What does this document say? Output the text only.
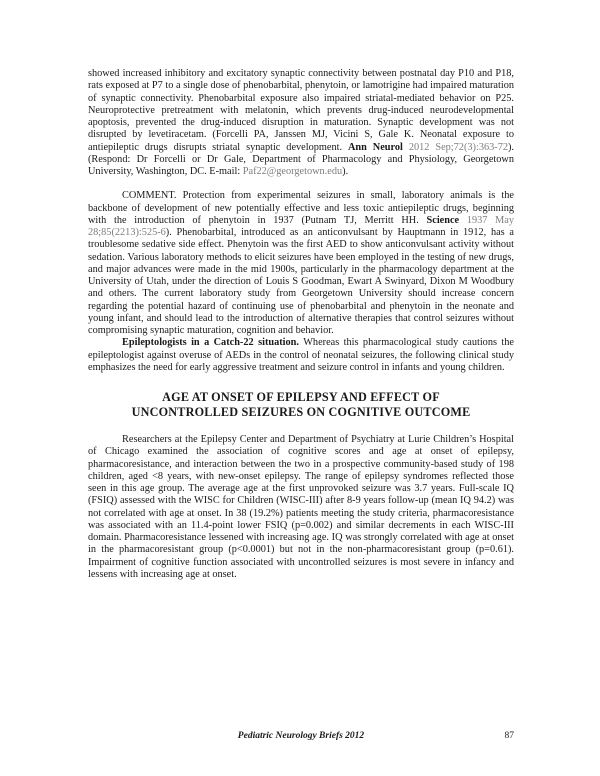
showed increased inhibitory and excitatory synaptic connectivity between postnatal day P10 and P18, rats exposed at P7 to a single dose of phenobarbital, phenytoin, or lamotrigine had impaired maturation of synaptic connectivity. Phenobarbital exposure also impaired striatal-mediated behavior on P25. Neuroprotective pretreatment with melatonin, which prevents drug-induced neurodevelopmental apoptosis, prevented the drug-induced disruption in maturation. Synaptic development was not disrupted by levetiracetam. (Forcelli PA, Janssen MJ, Vicini S, Gale K. Neonatal exposure to antiepileptic drugs disrupts striatal synaptic development. Ann Neurol 2012 Sep;72(3):363-72). (Respond: Dr Forcelli or Dr Gale, Department of Pharmacology and Physiology, Georgetown University, Washington, DC. E-mail: Paf22@georgetown.edu).

COMMENT. Protection from experimental seizures in small, laboratory animals is the backbone of development of new potentially effective and less toxic antiepileptic drugs, beginning with the introduction of phenytoin in 1937 (Putnam TJ, Merritt HH. Science 1937 May 28;85(2213):525-6). Phenobarbital, introduced as an anticonvulsant by Hauptmann in 1912, has a troublesome sedative side effect. Phenytoin was the first AED to show anticonvulsant activity without sedation. Various laboratory methods to elicit seizures have been employed in the testing of new drugs, and major advances were made in the mid 1900s, particularly in the pharmacology department at the University of Utah, under the direction of Louis S Goodman, Ewart A Swinyard, Dixon M Woodbury and others. The current laboratory study from Georgetown University should increase concern regarding the potential hazard of continuing use of phenobarbital and phenytoin in the neonate and young infant, and should lead to the introduction of alternative therapies that control seizures without compromising synaptic maturation, cognition and behavior.

Epileptologists in a Catch-22 situation. Whereas this pharmacological study cautions the epileptologist against overuse of AEDs in the control of neonatal seizures, the following clinical study emphasizes the need for early aggressive treatment and seizure control in infants and young children.

AGE AT ONSET OF EPILEPSY AND EFFECT OF
UNCONTROLLED SEIZURES ON COGNITIVE OUTCOME

Researchers at the Epilepsy Center and Department of Psychiatry at Lurie Children’s Hospital of Chicago examined the association of cognitive scores and age at onset of epilepsy, pharmacoresistance, and interaction between the two in a prospective community-based study of 198 children, aged <8 years, with new-onset epilepsy. The range of epilepsy syndromes reflected those seen in this age group. The average age at the first unprovoked seizure was 3.7 years. Full-scale IQ (FSIQ) assessed with the WISC for Children (WISC-III) after 8-9 years follow-up (mean IQ 94.2) was not correlated with age at onset. In 38 (19.2%) patients meeting the study criteria, pharmacoresistance was associated with an 11.4-point lower FSIQ (p=0.002) and similar decrements in each WISC-III domain. Pharmacoresistance lessened with increasing age. IQ was strongly correlated with age at onset in the pharmacoresistant group (p<0.0001) but not in the non-pharmacoresistant group (p=0.61). Impairment of cognitive function associated with uncontrolled seizures is most severe in infancy and lessens with increasing age at onset.

Pediatric Neurology Briefs 2012	87
